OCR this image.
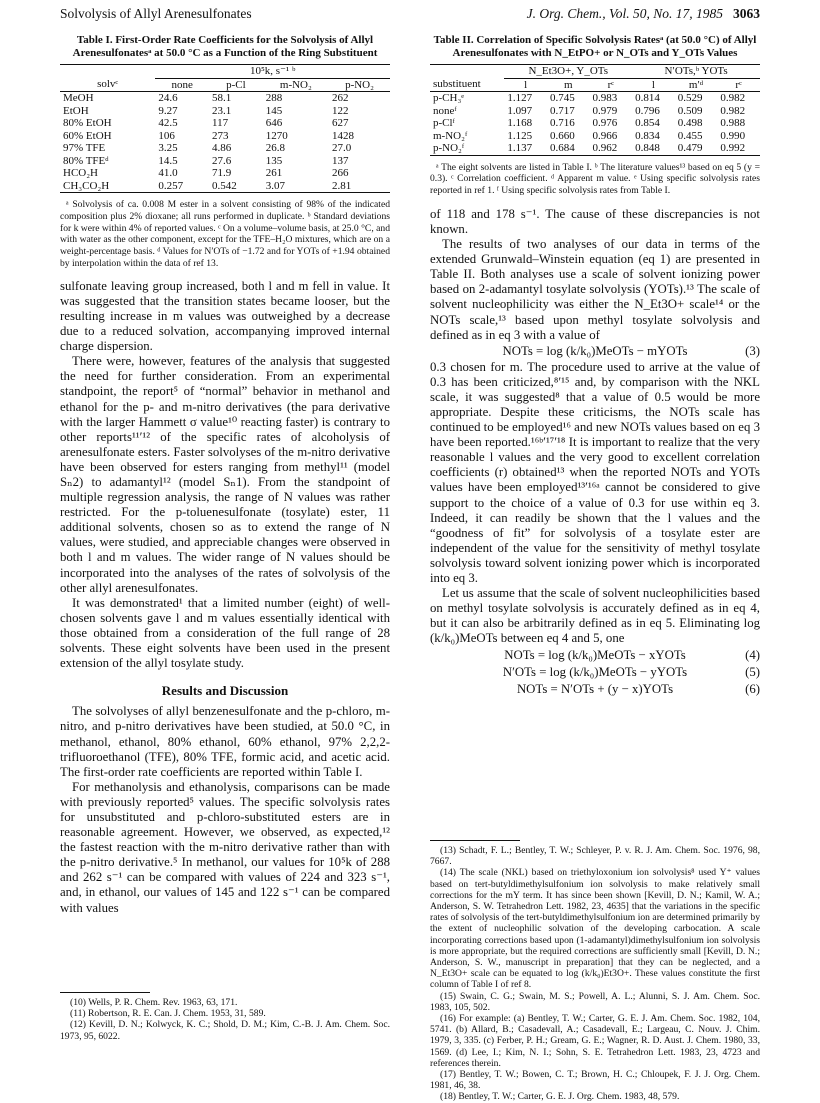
Solvolysis of Allyl Arenesulfonates	J. Org. Chem., Vol. 50, No. 17, 1985 3063
Table I. First-Order Rate Coefficients for the Solvolysis of Allyl Arenesulfonatesᵃ at 50.0 °C as a Function of the Ring Substituent
	10⁵k, s⁻¹ ᵇ			
solvᶜ	none	p-Cl	m-NO₂	p-NO₂
MeOH	24.6	58.1	288	262
EtOH	9.27	23.1	145	122
80% EtOH	42.5	117	646	627
60% EtOH	106	273	1270	1428
97% TFE	3.25	4.86	26.8	27.0
80% TFEᵈ	14.5	27.6	135	137
HCO₂H	41.0	71.9	261	266
CH₃CO₂H	0.257	0.542	3.07	2.81
ᵃ Solvolysis of ca. 0.008 M ester in a solvent consisting of 98% of the indicated composition plus 2% dioxane; all runs performed in duplicate. ᵇ Standard deviations for k were within 4% of reported values. ᶜ On a volume–volume basis, at 25.0 °C, and with water as the other component, except for the TFE–H₂O mixtures, which are on a weight-percentage basis. ᵈ Values for N′OTs of −1.72 and for YOTs of +1.94 obtained by interpolation within the data of ref 13.

sulfonate leaving group increased, both l and m fell in value. It was suggested that the transition states became looser, but the resulting increase in m values was outweighed by a decrease due to a reduced solvation, accompanying improved internal charge dispersion.

There were, however, features of the analysis that suggested the need for further consideration. From an experimental standpoint, the report⁵ of “normal” behavior in methanol and ethanol for the p- and m-nitro derivatives (the para derivative with the larger Hammett σ value¹⁰ reacting faster) is contrary to other reports¹¹ʹ¹² of the specific rates of alcoholysis of arenesulfonate esters. Faster solvolyses of the m-nitro derivative have been observed for esters ranging from methyl¹¹ (model Sₙ2) to adamantyl¹² (model Sₙ1). From the standpoint of multiple regression analysis, the range of N values was rather restricted. For the p-toluenesulfonate (tosylate) ester, 11 additional solvents, chosen so as to extend the range of N values, were studied, and appreciable changes were observed in both l and m values. The wider range of N values should be incorporated into the analyses of the rates of solvolysis of the other allyl arenesulfonates.

It was demonstrated¹ that a limited number (eight) of well-chosen solvents gave l and m values essentially identical with those obtained from a consideration of the full range of 28 solvents. These eight solvents have been used in the present extension of the allyl tosylate study.

Results and Discussion

The solvolyses of allyl benzenesulfonate and the p-chloro, m-nitro, and p-nitro derivatives have been studied, at 50.0 °C, in methanol, ethanol, 80% ethanol, 60% ethanol, 97% 2,2,2-trifluoroethanol (TFE), 80% TFE, formic acid, and acetic acid. The first-order rate coefficients are reported within Table I.

For methanolysis and ethanolysis, comparisons can be made with previously reported⁵ values. The specific solvolysis rates for unsubstituted and p-chloro-substituted esters are in reasonable agreement. However, we observed, as expected,¹² the fastest reaction with the m-nitro derivative rather than with the p-nitro derivative.⁵ In methanol, our values for 10⁵k of 288 and 262 s⁻¹ can be compared with values of 224 and 323 s⁻¹, and, in ethanol, our values of 145 and 122 s⁻¹ can be compared with values

(10) Wells, P. R. Chem. Rev. 1963, 63, 171.
(11) Robertson, R. E. Can. J. Chem. 1953, 31, 589.
(12) Kevill, D. N.; Kolwyck, K. C.; Shold, D. M.; Kim, C.-B. J. Am. Chem. Soc. 1973, 95, 6022.
Table II. Correlation of Specific Solvolysis Ratesᵃ (at 50.0 °C) of Allyl Arenesulfonates with N_EtPO+ or N_OTs and Y_OTs Values
	N_Et3O+, Y_OTs			N′OTs,ᵇ YOTs		
substituent	l	m	rᶜ	l	m′ᵈ	rᶜ
p-CH₃ᵉ	1.127	0.745	0.983	0.814	0.529	0.982
noneᶠ	1.097	0.717	0.979	0.796	0.509	0.982
p-Clᶠ	1.168	0.716	0.976	0.854	0.498	0.988
m-NO₂ᶠ	1.125	0.660	0.966	0.834	0.455	0.990
p-NO₂ᶠ	1.137	0.684	0.962	0.848	0.479	0.992
ᵃ The eight solvents are listed in Table I. ᵇ The literature values¹³ based on eq 5 (y = 0.3). ᶜ Correlation coefficient. ᵈ Apparent m value. ᵉ Using specific solvolysis rates reported in ref 1. ᶠ Using specific solvolysis rates from Table I.

of 118 and 178 s⁻¹. The cause of these discrepancies is not known.

The results of two analyses of our data in terms of the extended Grunwald–Winstein equation (eq 1) are presented in Table II. Both analyses use a scale of solvent ionizing power based on 2-adamantyl tosylate solvolysis (YOTs).¹³ The scale of solvent nucleophilicity was either the N_Et3O+ scale¹⁴ or the NOTs scale,¹³ based upon methyl tosylate solvolysis and defined as in eq 3 with a value of

NOTs = log (k/k₀)MeOTs − mYOTs	(3)

0.3 chosen for m. The procedure used to arrive at the value of 0.3 has been criticized,⁸ʹ¹⁵ and, by comparison with the NKL scale, it was suggested⁸ that a value of 0.5 would be more appropriate. Despite these criticisms, the NOTs scale has continued to be employed¹⁶ and new NOTs values based on eq 3 have been reported.¹⁶ᵇʹ¹⁷ʹ¹⁸ It is important to realize that the very reasonable l values and the very good to excellent correlation coefficients (r) obtained¹³ when the reported NOTs and YOTs values have been employed¹³ʹ¹⁶ᵃ cannot be considered to give support to the choice of a value of 0.3 for use within eq 3. Indeed, it can readily be shown that the l values and the “goodness of fit” for solvolysis of a tosylate ester are independent of the value for the sensitivity of methyl tosylate solvolysis toward solvent ionizing power which is incorporated into eq 3.

Let us assume that the scale of solvent nucleophilicities based on methyl tosylate solvolysis is accurately defined as in eq 4, but it can also be arbitrarily defined as in eq 5. Eliminating log (k/k₀)MeOTs between eq 4 and 5, one

NOTs = log (k/k₀)MeOTs − xYOTs	(4)
N′OTs = log (k/k₀)MeOTs − yYOTs	(5)
NOTs = N′OTs + (y − x)YOTs	(6)
(13) Schadt, F. L.; Bentley, T. W.; Schleyer, P. v. R. J. Am. Chem. Soc. 1976, 98, 7667.
(14) The scale (NKL) based on triethyloxonium ion solvolysis⁸ used Y⁺ values based on tert-butyldimethylsulfonium ion solvolysis to make relatively small corrections for the mY term. It has since been shown [Kevill, D. N.; Kamil, W. A.; Anderson, S. W. Tetrahedron Lett. 1982, 23, 4635] that the variations in the specific rates of solvolysis of the tert-butyldimethylsulfonium ion are determined primarily by the extent of nucleophilic solvation of the developing carbocation. A scale incorporating corrections based upon (1-adamantyl)dimethylsulfonium ion solvolysis is more appropriate, but the required corrections are sufficiently small [Kevill, D. N.; Anderson, S. W., manuscript in preparation] that they can be neglected, and a N_Et3O+ scale can be equated to log (k/k₀)Et3O+. These values constitute the first column of Table I of ref 8.
(15) Swain, C. G.; Swain, M. S.; Powell, A. L.; Alunni, S. J. Am. Chem. Soc. 1983, 105, 502.
(16) For example: (a) Bentley, T. W.; Carter, G. E. J. Am. Chem. Soc. 1982, 104, 5741. (b) Allard, B.; Casadevall, A.; Casadevall, E.; Largeau, C. Nouv. J. Chim. 1979, 3, 335. (c) Ferber, P. H.; Gream, G. E.; Wagner, R. D. Aust. J. Chem. 1980, 33, 1569. (d) Lee, I.; Kim, N. I.; Sohn, S. E. Tetrahedron Lett. 1983, 23, 4723 and references therein.
(17) Bentley, T. W.; Bowen, C. T.; Brown, H. C.; Chloupek, F. J. J. Org. Chem. 1981, 46, 38.
(18) Bentley, T. W.; Carter, G. E. J. Org. Chem. 1983, 48, 579.
